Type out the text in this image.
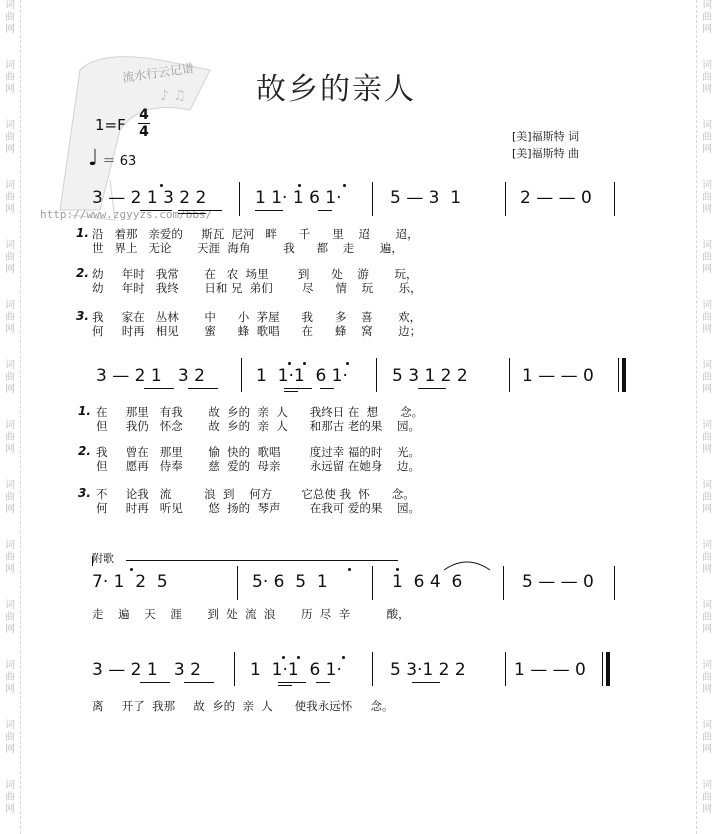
词
曲
网

词
曲
网

词
曲
网

词
曲
网

词
曲
网

词
曲
网

词
曲
网

词
曲
网

词
曲
网

词
曲
网

词
曲
网

词
曲
网

词
曲
网

词
曲
网
词
曲
网

词
曲
网

词
曲
网

词
曲
网

词
曲
网

词
曲
网

词
曲
网

词
曲
网

词
曲
网

词
曲
网

词
曲
网

词
曲
网

词
曲
网

词
曲
网
♪ ♫
流水行云记谱
http://www.zgyyzs.com/bbs/
故乡的亲人
[美]福斯特 词
[美]福斯特 曲
1=F
4
4
♩ ＝ 63
3 — 2 1 3 2 2	1 1· 1 6 1·	5 — 3  1	2 — — 0
1. 沿   着那   亲爱的     斯瓦  尼河   畔      千      里    迢       迢，
世   界上   无论       天涯  海角         我      都    走       遍，
2. 幼     年时   我常       在   农  场里        到      处    游       玩，
幼     年时   我终       日和 兄  弟们        尽      情    玩       乐，
3. 我     家在   丛林       中      小  茅屋      我      多    喜       欢，
何     时再   相见       蜜      蜂  歌唱      在      蜂    窝       边；
3 — 2 1   3 2	1  1·1  6 1·	5 3 1 2 2	1 — — 0
1. 在     那里   有我       故  乡的  亲  人      我终日 在  想      念。
但     我仍   怀念       故  乡的  亲  人      和那古 老的果    园。
2. 我     曾在   那里       愉  快的  歌唱        度过幸 福的时    光。
但     愿再   侍奉       慈  爱的  母亲        永远留 在她身    边。
3. 不     论我   流         浪  到    何方        它总使 我  怀      念。
何     时再   听见       悠  扬的  琴声        在我可 爱的果    园。
附歌
7· 1  2  5	5· 6  5  1	1  6 4  6	5 — — 0
走    遍    天    涯       到  处  流  浪       历  尽  辛          酸，
3 — 2 1   3 2	1  1·1  6 1·	5 3·1 2 2	1 — — 0
离     开了  我那     故  乡的  亲  人      使我永远怀     念。
